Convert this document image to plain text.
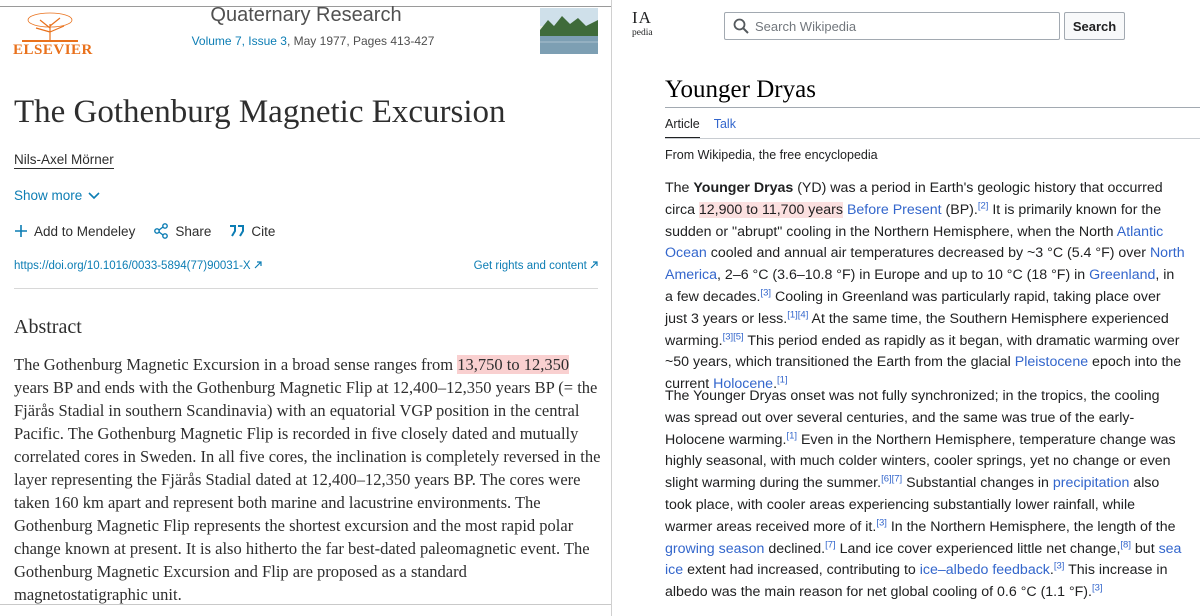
ELSEVIER
Quaternary Research
Volume 7, Issue 3, May 1977, Pages 413-427
The Gothenburg Magnetic Excursion
Nils-Axel Mörner
Show more
Add to Mendeley	Share	Cite
https://doi.org/10.1016/0033-5894(77)90031-X	Get rights and content
Abstract

The Gothenburg Magnetic Excursion in a broad sense ranges from 13,750 to 12,350 years BP and ends with the Gothenburg Magnetic Flip at 12,400–12,350 years BP (= the Fjärås Stadial in southern Scandinavia) with an equatorial VGP position in the central Pacific. The Gothenburg Magnetic Flip is recorded in five closely dated and mutually correlated cores in Sweden. In all five cores, the inclination is completely reversed in the layer representing the Fjärås Stadial dated at 12,400–12,350 years BP. The cores were taken 160 km apart and represent both marine and lacustrine environments. The Gothenburg Magnetic Flip represents the shortest excursion and the most rapid polar change known at present. It is also hitherto the far best-dated paleomagnetic event. The Gothenburg Magnetic Excursion and Flip are proposed as a standard magnetostatigraphic unit.

IA
pedia
Search Wikipedia	Search
Younger Dryas
Article Talk
From Wikipedia, the free encyclopedia

The Younger Dryas (YD) was a period in Earth's geologic history that occurred circa 12,900 to 11,700 years Before Present (BP).[2] It is primarily known for the sudden or "abrupt" cooling in the Northern Hemisphere, when the North Atlantic Ocean cooled and annual air temperatures decreased by ~3 °C (5.4 °F) over North America, 2–6 °C (3.6–10.8 °F) in Europe and up to 10 °C (18 °F) in Greenland, in a few decades.[3] Cooling in Greenland was particularly rapid, taking place over just 3 years or less.[1][4] At the same time, the Southern Hemisphere experienced warming.[3][5] This period ended as rapidly as it began, with dramatic warming over ~50 years, which transitioned the Earth from the glacial Pleistocene epoch into the current Holocene.[1]

The Younger Dryas onset was not fully synchronized; in the tropics, the cooling was spread out over several centuries, and the same was true of the early-Holocene warming.[1] Even in the Northern Hemisphere, temperature change was highly seasonal, with much colder winters, cooler springs, yet no change or even slight warming during the summer.[6][7] Substantial changes in precipitation also took place, with cooler areas experiencing substantially lower rainfall, while warmer areas received more of it.[3] In the Northern Hemisphere, the length of the growing season declined.[7] Land ice cover experienced little net change,[8] but sea ice extent had increased, contributing to ice–albedo feedback.[3] This increase in albedo was the main reason for net global cooling of 0.6 °C (1.1 °F).[3]
